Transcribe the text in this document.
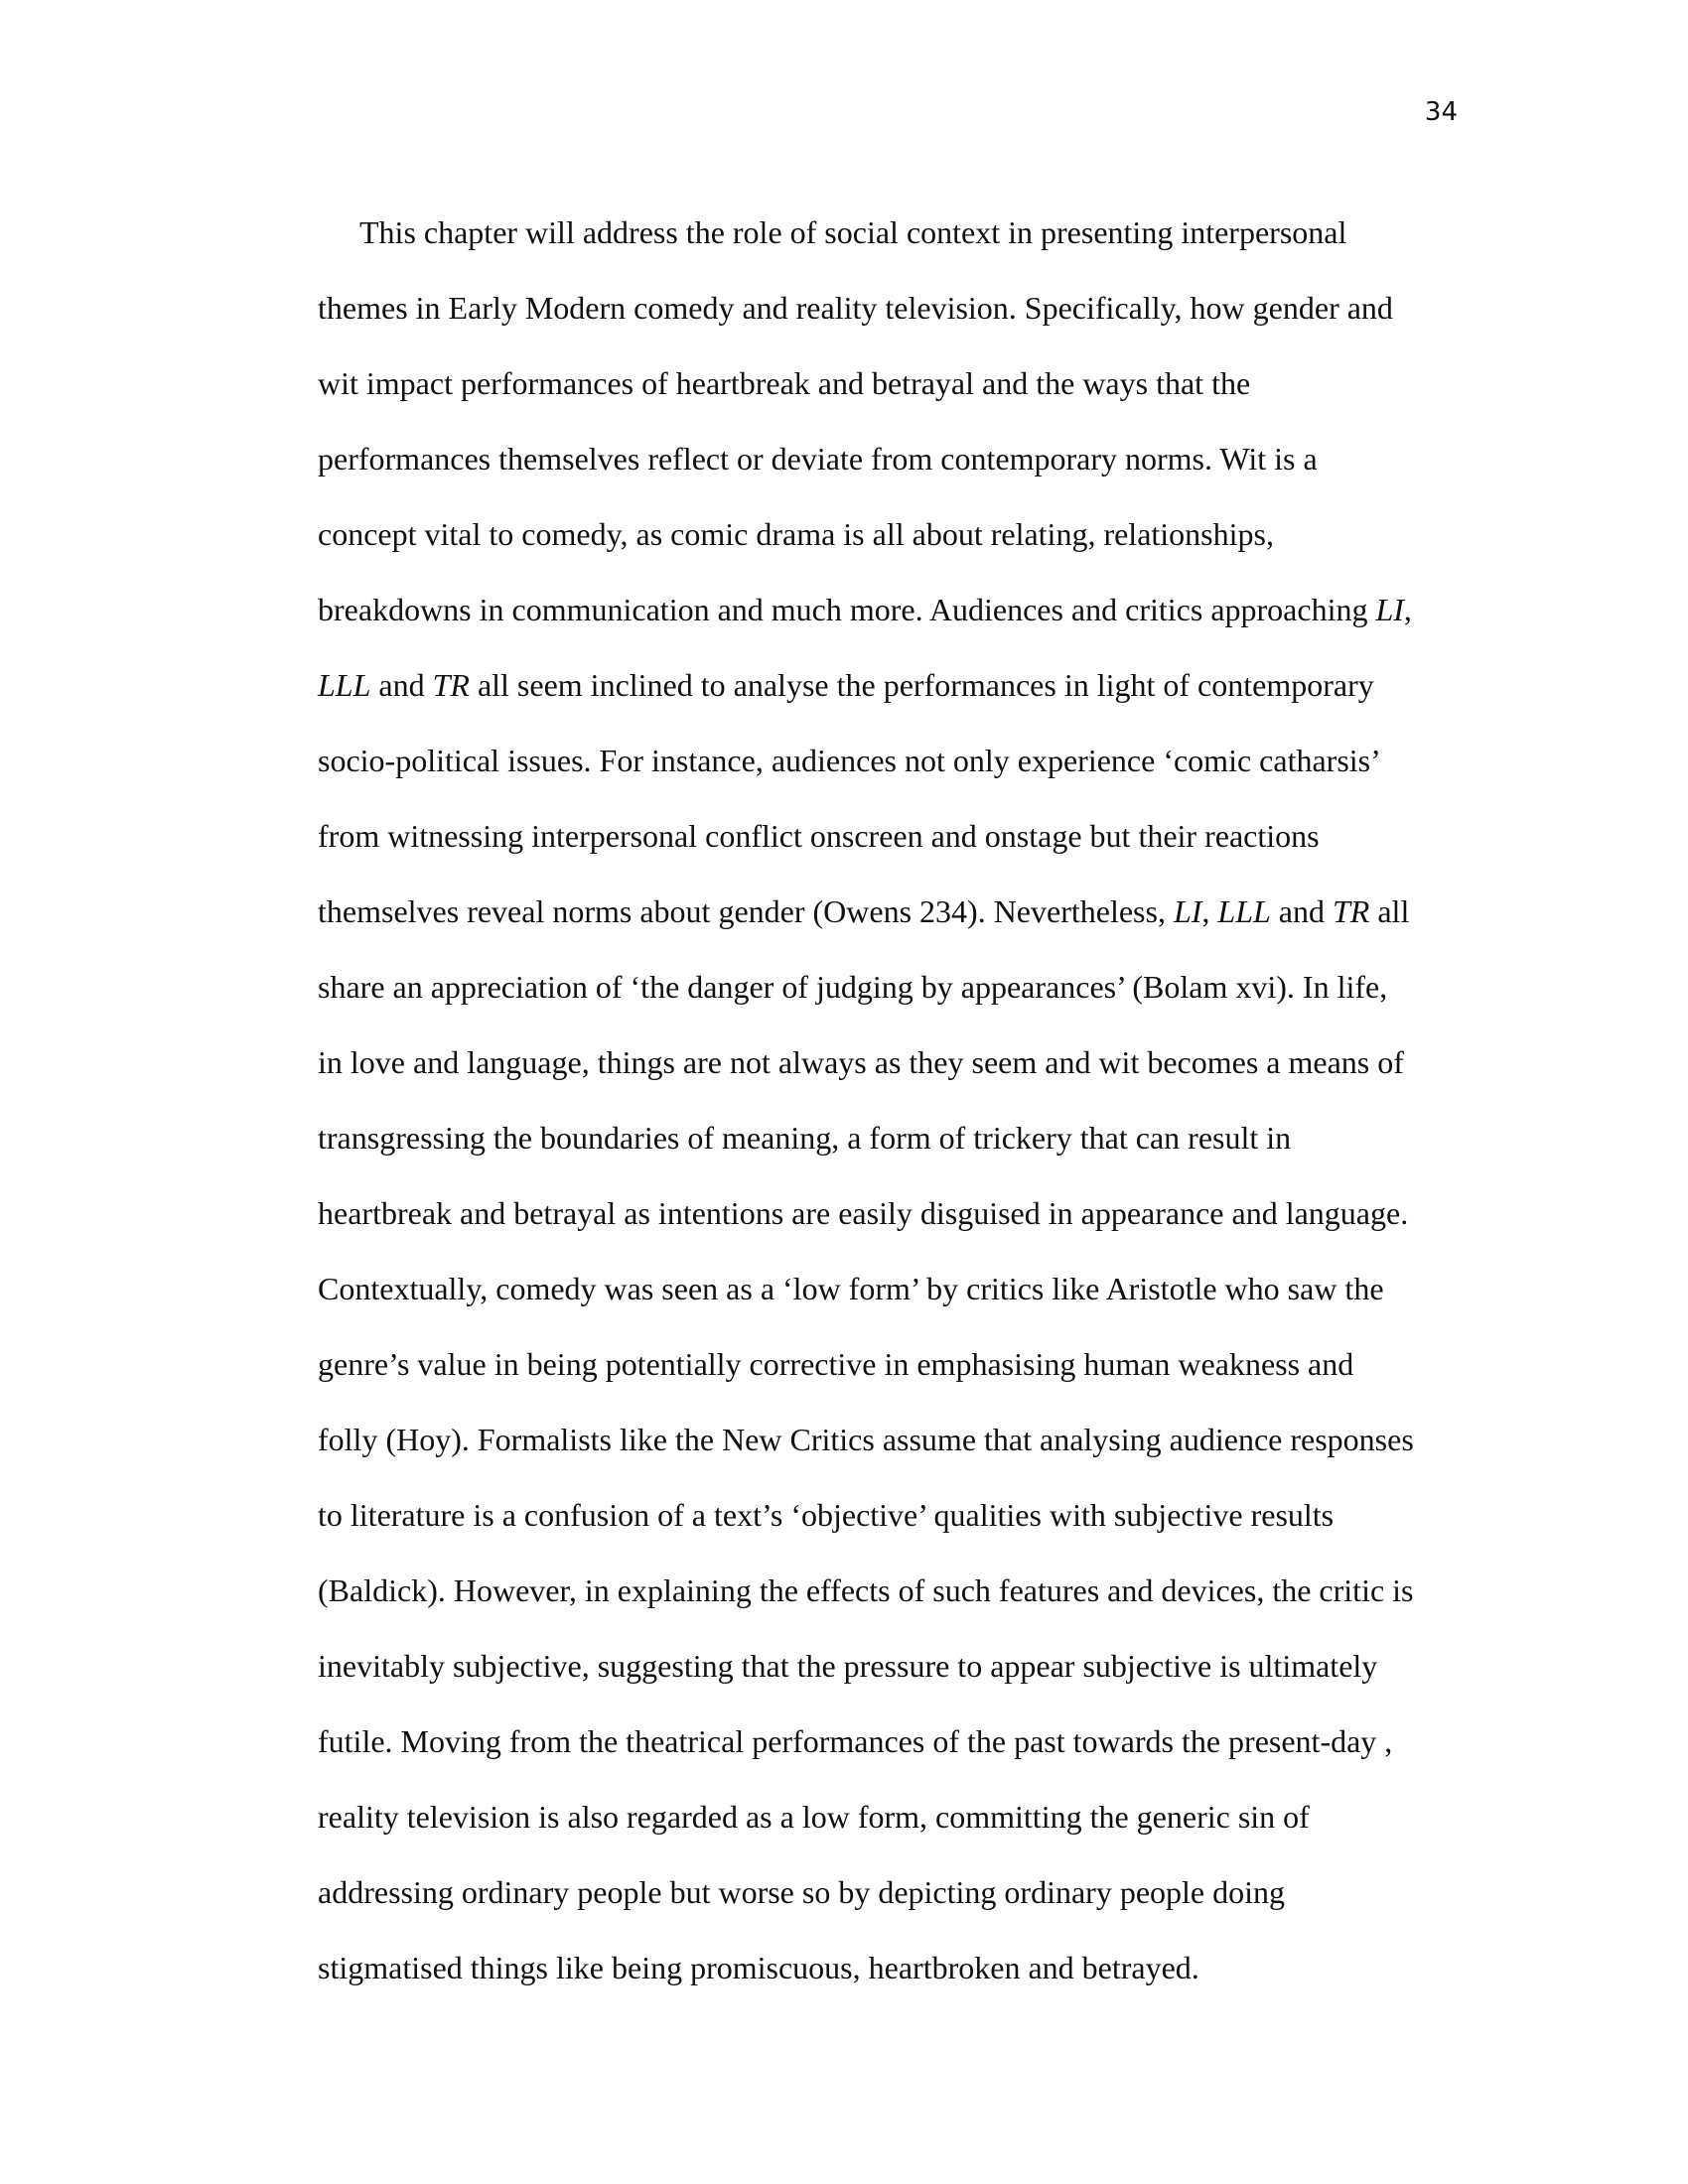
34
This chapter will address the role of social context in presenting interpersonal
themes in Early Modern comedy and reality television. Specifically, how gender and
wit impact performances of heartbreak and betrayal and the ways that the
performances themselves reflect or deviate from contemporary norms. Wit is a
concept vital to comedy, as comic drama is all about relating, relationships,
breakdowns in communication and much more. Audiences and critics approaching LI,
LLL and TR all seem inclined to analyse the performances in light of contemporary
socio-political issues. For instance, audiences not only experience ‘comic catharsis’
from witnessing interpersonal conflict onscreen and onstage but their reactions
themselves reveal norms about gender (Owens 234). Nevertheless, LI, LLL and TR all
share an appreciation of ‘the danger of judging by appearances’ (Bolam xvi). In life,
in love and language, things are not always as they seem and wit becomes a means of
transgressing the boundaries of meaning, a form of trickery that can result in
heartbreak and betrayal as intentions are easily disguised in appearance and language.
Contextually, comedy was seen as a ‘low form’ by critics like Aristotle who saw the
genre’s value in being potentially corrective in emphasising human weakness and
folly (Hoy). Formalists like the New Critics assume that analysing audience responses
to literature is a confusion of a text’s ‘objective’ qualities with subjective results
(Baldick). However, in explaining the effects of such features and devices, the critic is
inevitably subjective, suggesting that the pressure to appear subjective is ultimately
futile. Moving from the theatrical performances of the past towards the present-day ,
reality television is also regarded as a low form, committing the generic sin of
addressing ordinary people but worse so by depicting ordinary people doing
stigmatised things like being promiscuous, heartbroken and betrayed.
